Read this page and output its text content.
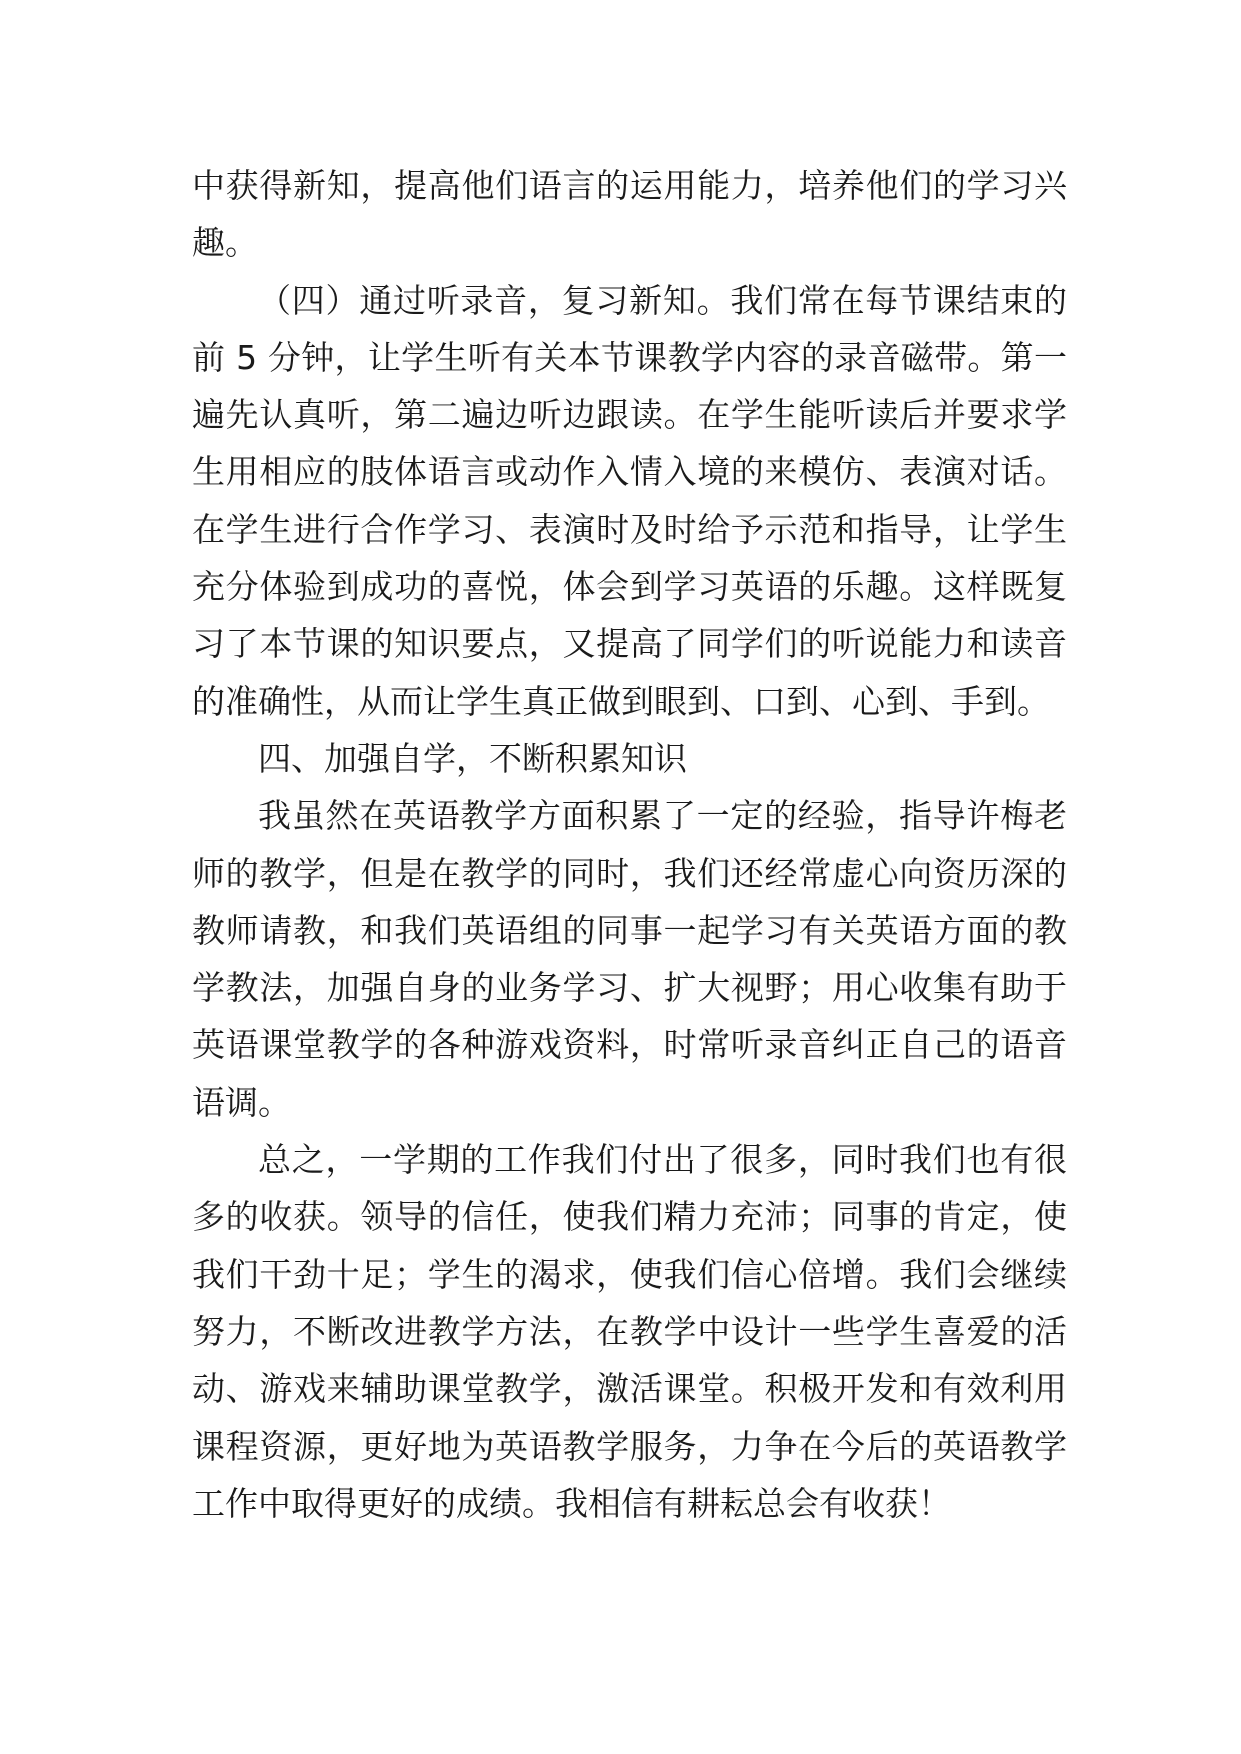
中获得新知，提高他们语言的运用能力，培养他们的学习兴
趣。
（四）通过听录音，复习新知。我们常在每节课结束的
前 5 分钟，让学生听有关本节课教学内容的录音磁带。第一
遍先认真听，第二遍边听边跟读。在学生能听读后并要求学
生用相应的肢体语言或动作入情入境的来模仿、表演对话。
在学生进行合作学习、表演时及时给予示范和指导，让学生
充分体验到成功的喜悦，体会到学习英语的乐趣。这样既复
习了本节课的知识要点，又提高了同学们的听说能力和读音
的准确性，从而让学生真正做到眼到、口到、心到、手到。
四、加强自学，不断积累知识
我虽然在英语教学方面积累了一定的经验，指导许梅老
师的教学，但是在教学的同时，我们还经常虚心向资历深的
教师请教，和我们英语组的同事一起学习有关英语方面的教
学教法，加强自身的业务学习、扩大视野；用心收集有助于
英语课堂教学的各种游戏资料，时常听录音纠正自己的语音
语调。
总之，一学期的工作我们付出了很多，同时我们也有很
多的收获。领导的信任，使我们精力充沛；同事的肯定，使
我们干劲十足；学生的渴求，使我们信心倍增。我们会继续
努力，不断改进教学方法，在教学中设计一些学生喜爱的活
动、游戏来辅助课堂教学，激活课堂。积极开发和有效利用
课程资源，更好地为英语教学服务，力争在今后的英语教学
工作中取得更好的成绩。我相信有耕耘总会有收获！
